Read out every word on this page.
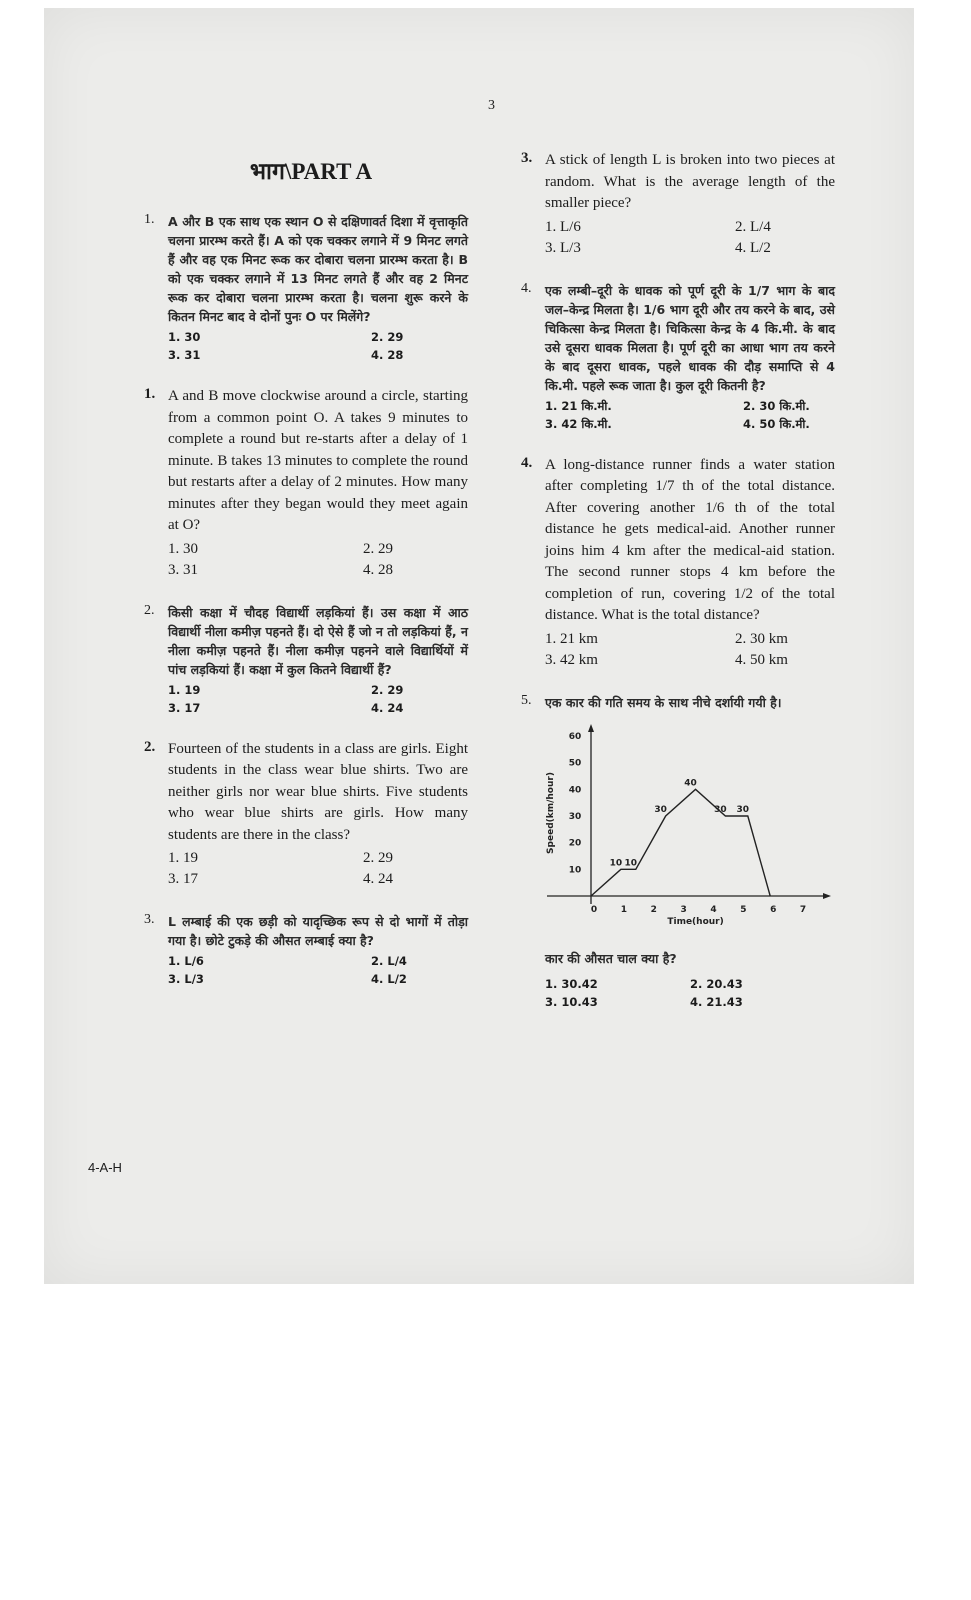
3
भाग\PART A
1. A और B एक साथ एक स्थान O से दक्षिणावर्त दिशा में वृत्ताकृति चलना प्रारम्भ करते हैं। A को एक चक्कर लगाने में 9 मिनट लगते हैं और वह एक मिनट रूक कर दोबारा चलना प्रारम्भ करता है। B को एक चक्कर लगाने में 13 मिनट लगते हैं और वह 2 मिनट रूक कर दोबारा चलना प्रारम्भ करता है। चलना शुरू करने के कितन मिनट बाद वे दोनों पुनः O पर मिलेंगे?
1. 30	2. 29
3. 31	4. 28
1. A and B move clockwise around a circle, starting from a common point O. A takes 9 minutes to complete a round but re-starts after a delay of 1 minute. B takes 13 minutes to complete the round but restarts after a delay of 2 minutes. How many minutes after they began would they meet again at O?
1. 30	2. 29
3. 31	4. 28
2. किसी कक्षा में चौदह विद्यार्थी लड़कियां हैं। उस कक्षा में आठ विद्यार्थी नीला कमीज़ पहनते हैं। दो ऐसे हैं जो न तो लड़कियां हैं, न नीला कमीज़ पहनते हैं। नीला कमीज़ पहनने वाले विद्यार्थियों में पांच लड़कियां हैं। कक्षा में कुल कितने विद्यार्थी हैं?
1. 19	2. 29
3. 17	4. 24
2. Fourteen of the students in a class are girls. Eight students in the class wear blue shirts. Two are neither girls nor wear blue shirts. Five students who wear blue shirts are girls. How many students are there in the class?
1. 19	2. 29
3. 17	4. 24
3. L लम्बाई की एक छड़ी को यादृच्छिक रूप से दो भागों में तोड़ा गया है। छोटे टुकड़े की औसत लम्बाई क्या है?
1. L/6	2. L/4
3. L/3	4. L/2
3. A stick of length L is broken into two pieces at random. What is the average length of the smaller piece?
1. L/6	2. L/4
3. L/3	4. L/2
4. एक लम्बी–दूरी के धावक को पूर्ण दूरी के 1/7 भाग के बाद जल–केन्द्र मिलता है। 1/6 भाग दूरी और तय करने के बाद, उसे चिकित्सा केन्द्र मिलता है। चिकित्सा केन्द्र के 4 कि.मी. के बाद उसे दूसरा धावक मिलता है। पूर्ण दूरी का आधा भाग तय करने के बाद दूसरा धावक, पहले धावक की दौड़ समाप्ति से 4 कि.मी. पहले रूक जाता है। कुल दूरी कितनी है?
1. 21 कि.मी.	2. 30 कि.मी.
3. 42 कि.मी.	4. 50 कि.मी.
4. A long-distance runner finds a water station after completing 1/7 th of the total distance. After covering another 1/6 th of the total distance he gets medical-aid. Another runner joins him 4 km after the medical-aid station. The second runner stops 4 km before the completion of run, covering 1/2 of the total distance. What is the total distance?
1. 21 km	2. 30 km
3. 42 km	4. 50 km
5. एक कार की गति समय के साथ नीचे दर्शायी गयी है।
0	1	2	3	4	5	6	7
10
20
30
40
50
60
Time(hour)
Speed(km/hour)
10 10
30
40
30 30
कार की औसत चाल क्या है?
1. 30.42	2. 20.43
3. 10.43	4. 21.43
4-A-H
